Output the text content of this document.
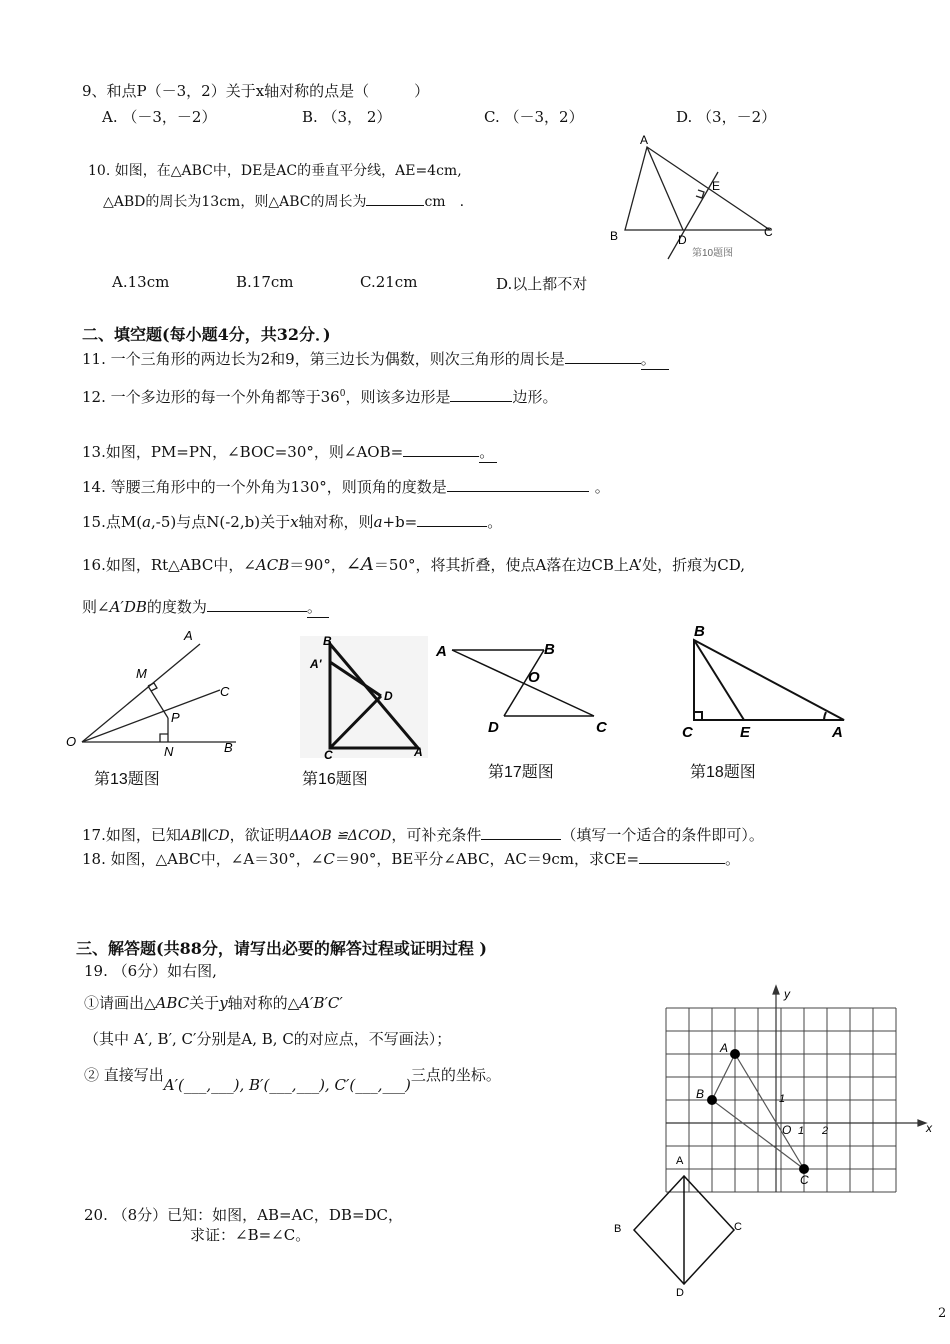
9、和点P（－3，2）关于x轴对称的点是（　　　）
A. （－3，－2）	B. （3， 2）	C. （－3，2）	D. （3，－2）
10. 如图，在△ABC中，DE是AC的垂直平分线，AE=4cm,
△ABD的周长为13cm，则△ABC的周长为	cm　.
A.13cm	B.17cm	C.21cm	D.以上都不对
A
E
B	D
C
第10题图
二、填空题(每小题4分，共32分．)
11. 一个三角形的两边长为2和9，第三边长为偶数，则次三角形的周长是	。
12. 一个多边形的每一个外角都等于$36^0$，则该多边形是	边形。
13.如图，PM=PN，∠BOC=30°，则∠AOB=	。
14. 等腰三角形中的一个外角为130°，则顶角的度数是	。
15.点M(a,-5)与点N(-2,b)关于x轴对称，则a+b=	。
16.如图，Rt△ABC中，∠ACB＝90°，∠A＝50°，将其折叠，使点A落在边CB上A’处，折痕为CD,
则∠A′DB的度数为	。
A
M
C
P
O
N	B
B
A'
D
C	A
A	B
O
D	C
B
C	E	A
第13题图	第16题图	第17题图	第18题图
17.如图，已知AB∥CD，欲证明ΔAOB ≌ΔCOD，可补充条件	（填写一个适合的条件即可）。
18. 如图，△ABC中，∠A＝30°，∠C＝90°，BE平分∠ABC，AC＝9cm，求CE=	。
三、解答题(共88分，请写出必要的解答过程或证明过程 )
19. （6分）如右图,
①请画出△ABC关于y轴对称的△A′B′C′
（其中 A′, B′, C′分别是A, B, C的对应点，不写画法）；
② 直接写出A′(___,___), B′(___,___), C′(___,___)三点的坐标。
y
x
O 1 2
1
A
B
C
20. （8分）已知：如图，AB=AC，DB=DC，
求证：∠B=∠C。
A
B	C
D
2
